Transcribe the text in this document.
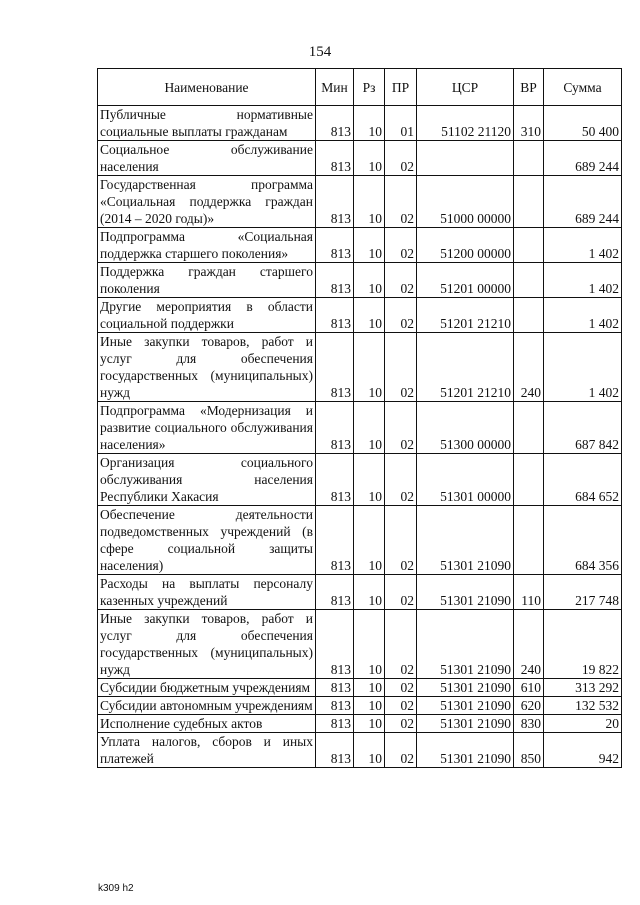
154
Наименование	Мин	Рз	ПР	ЦСР	ВР	Сумма
Публичные нормативные социальные выплаты гражданам	813	10	01	51102 21120	310	50 400
Социальное обслуживание населения	813	10	02			689 244
Государственная программа «Социальная поддержка граждан (2014 – 2020 годы)»	813	10	02	51000 00000		689 244
Подпрограмма «Социальная поддержка старшего поколения»	813	10	02	51200 00000		1 402
Поддержка граждан старшего поколения	813	10	02	51201 00000		1 402
Другие мероприятия в области социальной поддержки	813	10	02	51201 21210		1 402
Иные закупки товаров, работ и услуг для обеспечения государственных (муниципальных) нужд	813	10	02	51201 21210	240	1 402
Подпрограмма «Модернизация и развитие социального обслуживания населения»	813	10	02	51300 00000		687 842
Организация социального обслуживания населения Республики Хакасия	813	10	02	51301 00000		684 652
Обеспечение деятельности подведомственных учреждений (в сфере социальной защиты населения)	813	10	02	51301 21090		684 356
Расходы на выплаты персоналу казенных учреждений	813	10	02	51301 21090	110	217 748
Иные закупки товаров, работ и услуг для обеспечения государственных (муниципальных) нужд	813	10	02	51301 21090	240	19 822
Субсидии бюджетным учреждениям	813	10	02	51301 21090	610	313 292
Субсидии автономным учреждениям	813	10	02	51301 21090	620	132 532
Исполнение судебных актов	813	10	02	51301 21090	830	20
Уплата налогов, сборов и иных платежей	813	10	02	51301 21090	850	942
k309 h2
